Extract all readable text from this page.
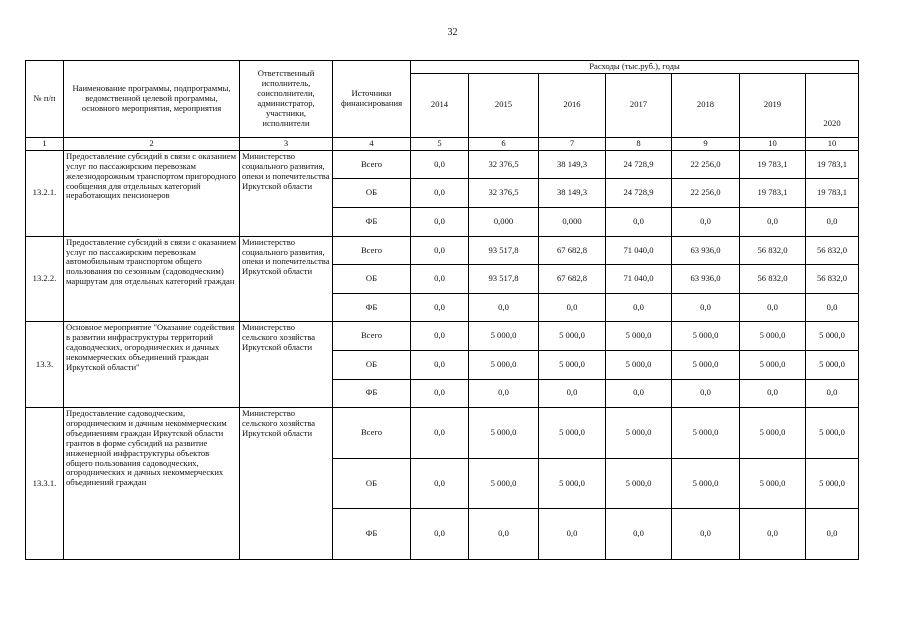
32
№ п/п	Наименование программы, подпрограммы, ведомственной целевой программы, основного мероприятия, мероприятия	Ответственный исполнитель, соисполнители, администратор, участники, исполнители	Источники финансирования	Расходы (тыс.руб.), годы						
				2014	2015	2016	2017	2018	2019	2020
1	2	3	4	5	6	7	8	9	10	10
13.2.1.	Предоставление субсидий в связи с оказанием услуг по пассажирским перевозкам железнодорожным транспортом пригородного сообщения для отдельных категорий неработающих пенсионеров	Министерство социального развития, опеки и попечительства Иркутской области	Всего	0,0	32 376,5	38 149,3	24 728,9	22 256,0	19 783,1	19 783,1
			ОБ	0,0	32 376,5	38 149,3	24 728,9	22 256,0	19 783,1	19 783,1
			ФБ	0,0	0,000	0,000	0,0	0,0	0,0	0,0
13.2.2.	Предоставление субсидий в связи с оказанием услуг по пассажирским перевозкам автомобильным транспортом общего пользования по сезонным (садоводческим) маршрутам для отдельных категорий граждан	Министерство социального развития, опеки и попечительства Иркутской области	Всего	0,0	93 517,8	67 682,8	71 040,0	63 936,0	56 832,0	56 832,0
			ОБ	0,0	93 517,8	67 682,8	71 040,0	63 936,0	56 832,0	56 832,0
			ФБ	0,0	0,0	0,0	0,0	0,0	0,0	0,0
13.3.	Основное мероприятие "Оказание содействия в развитии инфраструктуры территорий садоводческих, огороднических и дачных некоммерческих объединений граждан Иркутской области"	Министерство сельского хозяйства Иркутской области	Всего	0,0	5 000,0	5 000,0	5 000,0	5 000,0	5 000,0	5 000,0
			ОБ	0,0	5 000,0	5 000,0	5 000,0	5 000,0	5 000,0	5 000,0
			ФБ	0,0	0,0	0,0	0,0	0,0	0,0	0,0
13.3.1.	Предоставление садоводческим, огородническим и дачным некоммерческим объединениям граждан Иркутской области грантов в форме субсидий на развитие инженерной инфраструктуры объектов общего пользования садоводческих, огороднических и дачных некоммерческих объединений граждан	Министерство сельского хозяйства Иркутской области	Всего	0,0	5 000,0	5 000,0	5 000,0	5 000,0	5 000,0	5 000,0
			ОБ	0,0	5 000,0	5 000,0	5 000,0	5 000,0	5 000,0	5 000,0
			ФБ	0,0	0,0	0,0	0,0	0,0	0,0	0,0
